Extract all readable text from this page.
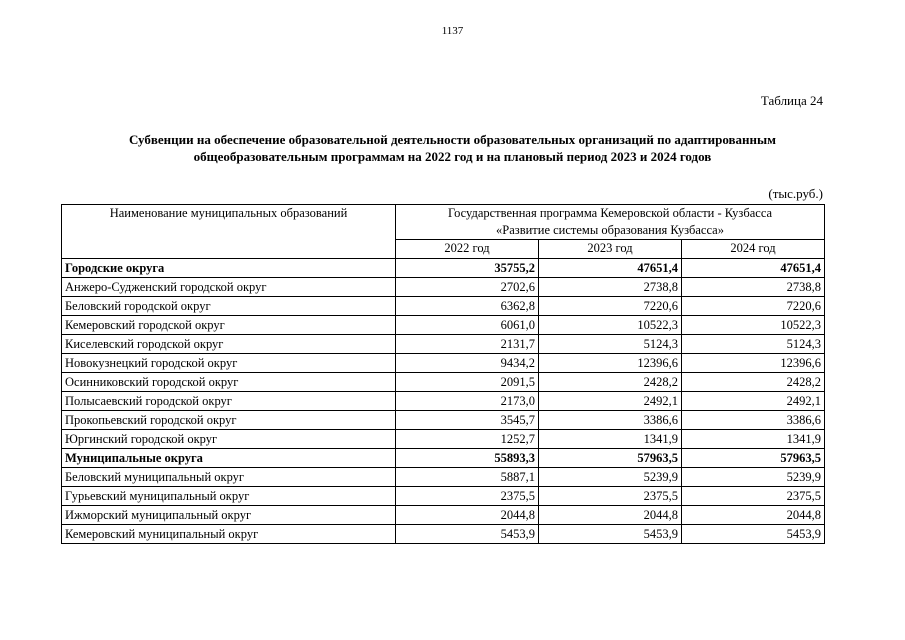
1137
Таблица 24
Субвенции на обеспечение образовательной деятельности образовательных организаций по адаптированным общеобразовательным программам на 2022 год и на плановый период 2023 и 2024 годов
(тыс.руб.)
Наименование муниципальных образований	Государственная программа Кемеровской области - Кузбасса
«Развитие системы образования Кузбасса»		

	2022 год	2023 год	2024 год
Городские округа	35755,2	47651,4	47651,4
Анжеро-Судженский городской округ	2702,6	2738,8	2738,8
Беловский городской округ	6362,8	7220,6	7220,6
Кемеровский городской округ	6061,0	10522,3	10522,3
Киселевский городской округ	2131,7	5124,3	5124,3
Новокузнецкий городской округ	9434,2	12396,6	12396,6
Осинниковский городской округ	2091,5	2428,2	2428,2
Полысаевский городской округ	2173,0	2492,1	2492,1
Прокопьевский городской округ	3545,7	3386,6	3386,6
Юргинский городской округ	1252,7	1341,9	1341,9
Муниципальные округа	55893,3	57963,5	57963,5
Беловский муниципальный округ	5887,1	5239,9	5239,9
Гурьевский муниципальный округ	2375,5	2375,5	2375,5
Ижморский муниципальный округ	2044,8	2044,8	2044,8
Кемеровский муниципальный округ	5453,9	5453,9	5453,9
